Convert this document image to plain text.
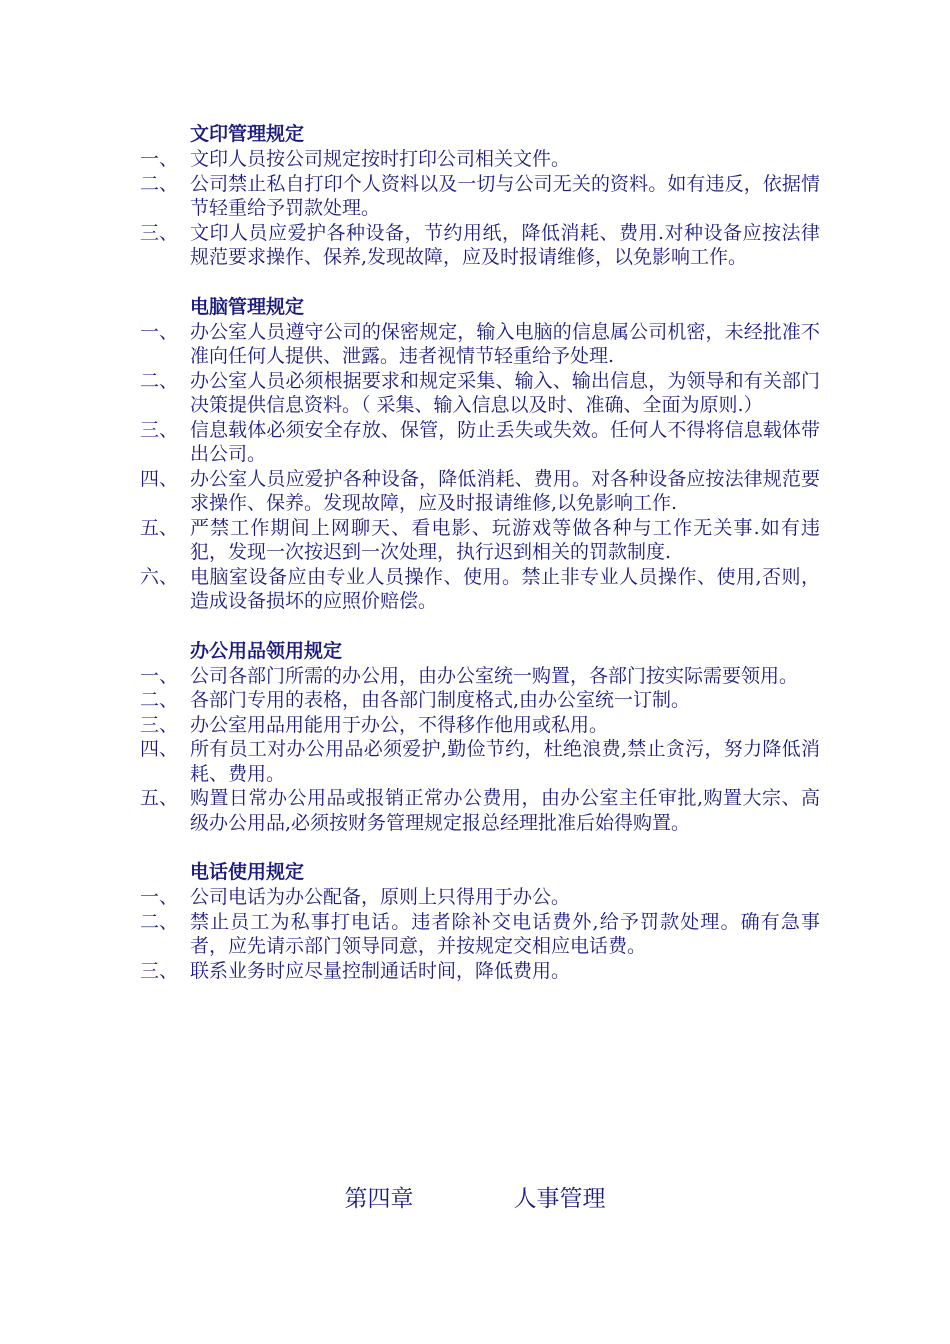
文印管理规定
一、 文印人员按公司规定按时打印公司相关文件。
二、 公司禁止私自打印个人资料以及一切与公司无关的资料。如有违反，依据情节轻重给予罚款处理。
三、 文印人员应爱护各种设备，节约用纸，降低消耗、费用.对种设备应按法律规范要求操作、保养,发现故障，应及时报请维修，以免影响工作。
电脑管理规定
一、 办公室人员遵守公司的保密规定，输入电脑的信息属公司机密，未经批准不准向任何人提供、泄露。违者视情节轻重给予处理.
二、 办公室人员必须根据要求和规定采集、输入、输出信息，为领导和有关部门决策提供信息资料。（ 采集、输入信息以及时、准确、全面为原则.）
三、 信息载体必须安全存放、保管，防止丢失或失效。任何人不得将信息载体带出公司。
四、 办公室人员应爱护各种设备，降低消耗、费用。对各种设备应按法律规范要求操作、保养。发现故障，应及时报请维修,以免影响工作.
五、 严禁工作期间上网聊天、看电影、玩游戏等做各种与工作无关事.如有违犯，发现一次按迟到一次处理，执行迟到相关的罚款制度.
六、 电脑室设备应由专业人员操作、使用。禁止非专业人员操作、使用,否则，造成设备损坏的应照价赔偿。
办公用品领用规定
一、 公司各部门所需的办公用，由办公室统一购置，各部门按实际需要领用。
二、 各部门专用的表格，由各部门制度格式,由办公室统一订制。
三、 办公室用品用能用于办公，不得移作他用或私用。
四、 所有员工对办公用品必须爱护,勤俭节约，杜绝浪费,禁止贪污，努力降低消耗、费用。
五、 购置日常办公用品或报销正常办公费用，由办公室主任审批,购置大宗、高级办公用品,必须按财务管理规定报总经理批准后始得购置。
电话使用规定
一、 公司电话为办公配备，原则上只得用于办公。
二、 禁止员工为私事打电话。违者除补交电话费外,给予罚款处理。确有急事者，应先请示部门领导同意，并按规定交相应电话费。
三、 联系业务时应尽量控制通话时间，降低费用。
第四章	人事管理
